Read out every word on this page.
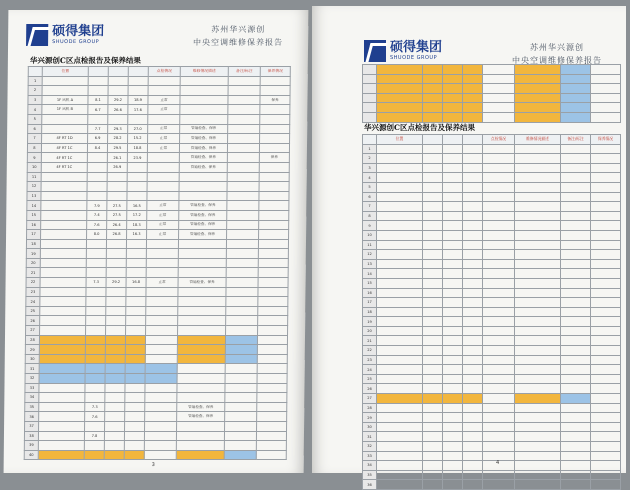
硕得集团
SHUODE GROUP
苏州华兴源创
中央空调维修保养报告
华兴源创C区点检报告及保养结果
	位置				点检情况	维修情况描述	备注/标注	保养情况
1								
2								
3	1F 风机 A	8.1	29.2	18.9	正常			保养
4	1F 风机 B	6.7	26.6	17.6	正常			
5								
6		7.7	29.3	27.0	正常	管道检查、保养		
7	4F RT 1D	6.9	28.2	15.2	正常	管道检查、保养		
8	4F RT 1C	8.4	29.5	18.8	正常	管道检查、保养		
9	4F RT 1C		26.1	23.9		管道检查、保养		保养
10	4F RT 1C		26.9			管道检查、保养		
11								
12								
13								
14		7.9	27.5	16.5	正常	管道检查、保养		
15		7.4	27.5	17.2	正常	管道检查、保养		
16		7.6	26.4	18.3	正常	管道检查、保养		
17		8.0	26.8	16.3	正常	管道检查、保养		
18								
19								
20								
21								
22		7.3	29.2	16.8	正常	管道检查、保养		
23								
24								
25								
26								
27								
28								
29								
30								
31								
32								
33								
34								
35		7.3				管道检查、保养		
36		7.6				管道检查、保养		
37								
38		7.8						
39								
40								
3
硕得集团
SHUODE GROUP
苏州华兴源创
中央空调维修保养报告

华兴源创C区点检报告及保养结果
	位置				点检情况	维修情况描述	备注/标注	保养情况
1								
2								
3								
4								
5								
6								
7								
8								
9								
10								
11								
12								
13								
14								
15								
16								
17								
18								
19								
20								
21								
22								
23								
24								
25								
26								
27								
28								
29								
30								
31								
32								
33								
34								
35								
36								
4
